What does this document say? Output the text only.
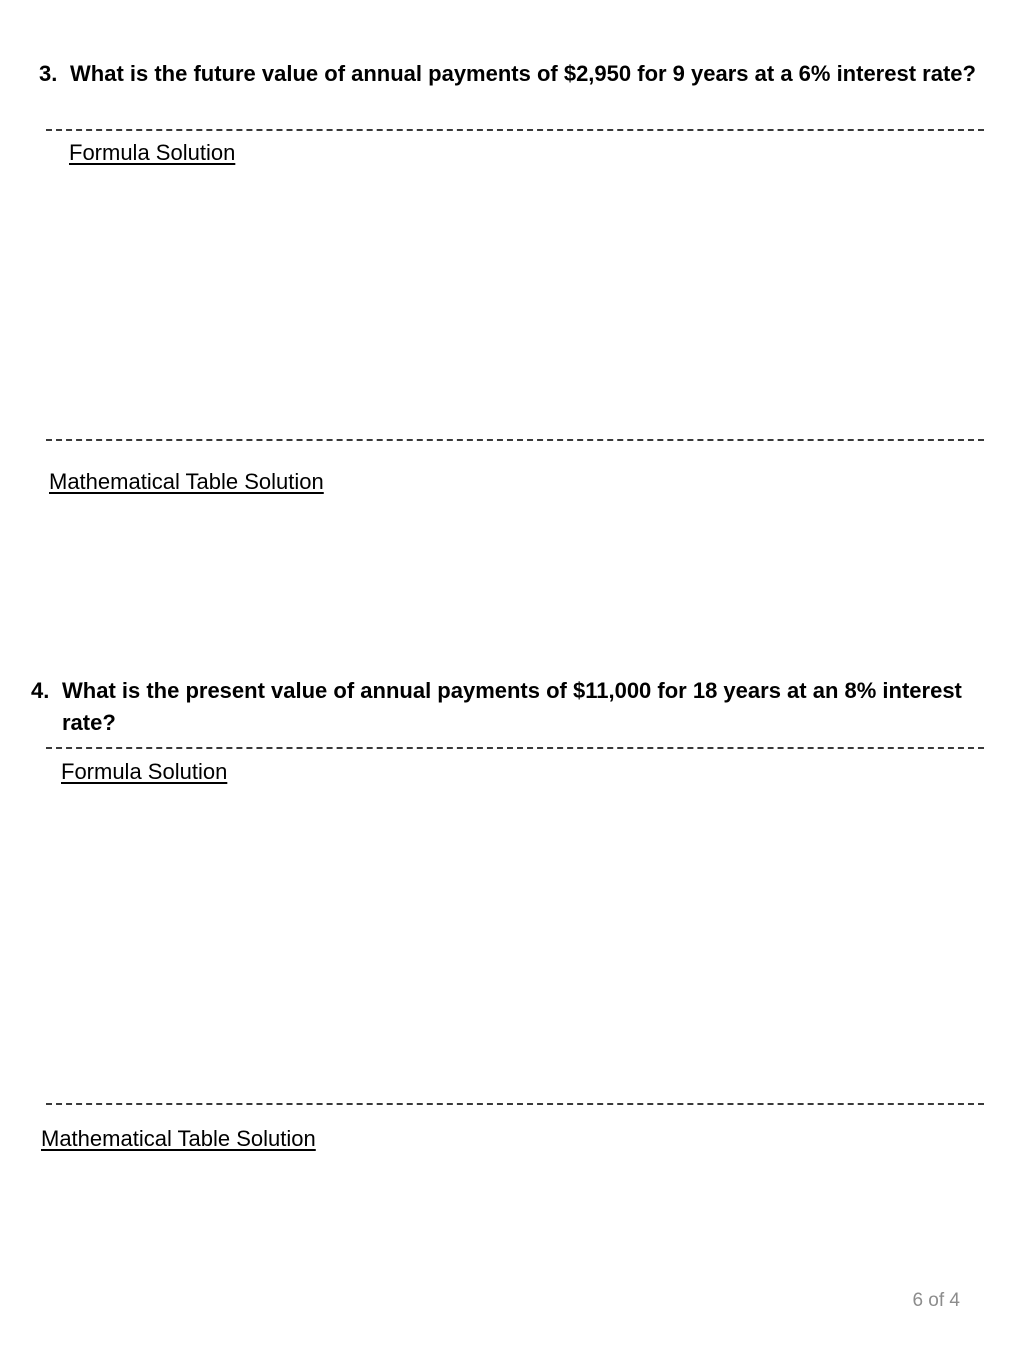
3. What is the future value of annual payments of $2,950 for 9 years at a 6% interest rate?
Formula Solution
Mathematical Table Solution
4. What is the present value of annual payments of $11,000 for 18 years at an 8% interest rate?
Formula Solution
Mathematical Table Solution
6 of 4
